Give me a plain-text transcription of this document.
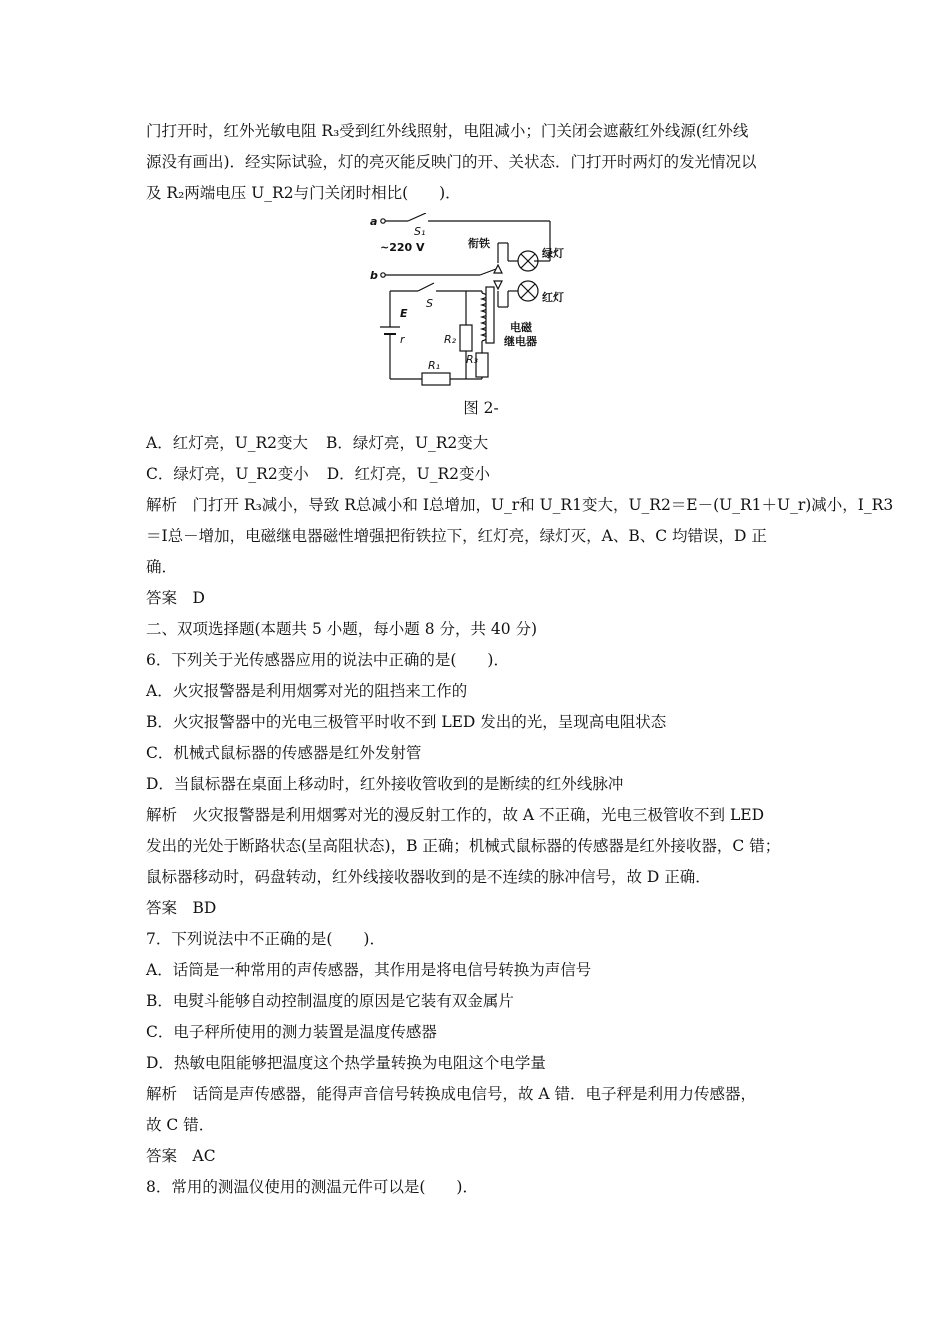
门打开时，红外光敏电阻 R₃受到红外线照射，电阻减小；门关闭会遮蔽红外线源(红外线
源没有画出)．经实际试验，灯的亮灭能反映门的开、关状态．门打开时两灯的发光情况以
及 R₂两端电压 U_R2与门关闭时相比(　　)．
a
S₁
~220 V	衔铁
绿灯
红灯
b
S
E
r
R₁
R₂
R₃
电磁
继电器
图 2-
A．红灯亮，U_R2变大 B．绿灯亮，U_R2变大
C．绿灯亮，U_R2变小 D．红灯亮，U_R2变小
解析　门打开 R₃减小，导致 R总减小和 I总增加，U_r和 U_R1变大，U_R2＝E－(U_R1＋U_r)减小，I_R3
＝I总－增加，电磁继电器磁性增强把衔铁拉下，红灯亮，绿灯灭，A、B、C 均错误，D 正
确．
答案　D
二、双项选择题(本题共 5 小题，每小题 8 分，共 40 分)
6．下列关于光传感器应用的说法中正确的是(　　)．
A．火灾报警器是利用烟雾对光的阻挡来工作的
B．火灾报警器中的光电三极管平时收不到 LED 发出的光，呈现高电阻状态
C．机械式鼠标器的传感器是红外发射管
D．当鼠标器在桌面上移动时，红外接收管收到的是断续的红外线脉冲
解析　火灾报警器是利用烟雾对光的漫反射工作的，故 A 不正确，光电三极管收不到 LED
发出的光处于断路状态(呈高阻状态)，B 正确；机械式鼠标器的传感器是红外接收器，C 错；
鼠标器移动时，码盘转动，红外线接收器收到的是不连续的脉冲信号，故 D 正确．
答案　BD
7．下列说法中不正确的是(　　)．
A．话筒是一种常用的声传感器，其作用是将电信号转换为声信号
B．电熨斗能够自动控制温度的原因是它装有双金属片
C．电子秤所使用的测力装置是温度传感器
D．热敏电阻能够把温度这个热学量转换为电阻这个电学量
解析　话筒是声传感器，能得声音信号转换成电信号，故 A 错．电子秤是利用力传感器，
故 C 错．
答案　AC
8．常用的测温仪使用的测温元件可以是(　　)．
